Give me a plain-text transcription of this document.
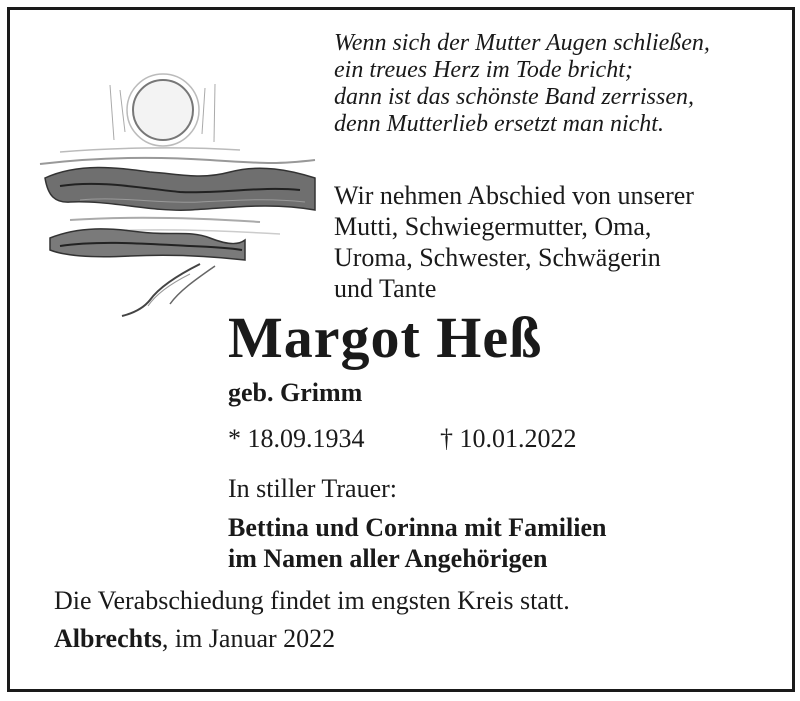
Wenn sich der Mutter Augen schließen,
ein treues Herz im Tode bricht;
dann ist das schönste Band zerrissen,
denn Mutterlieb ersetzt man nicht.
Wir nehmen Abschied von unserer
Mutti, Schwiegermutter, Oma,
Uroma, Schwester, Schwägerin
und Tante
Margot Heß
geb. Grimm
* 18.09.1934	† 10.01.2022
In stiller Trauer:
Bettina und Corinna mit Familien
im Namen aller Angehörigen
Die Verabschiedung findet im engsten Kreis statt.
Albrechts, im Januar 2022
